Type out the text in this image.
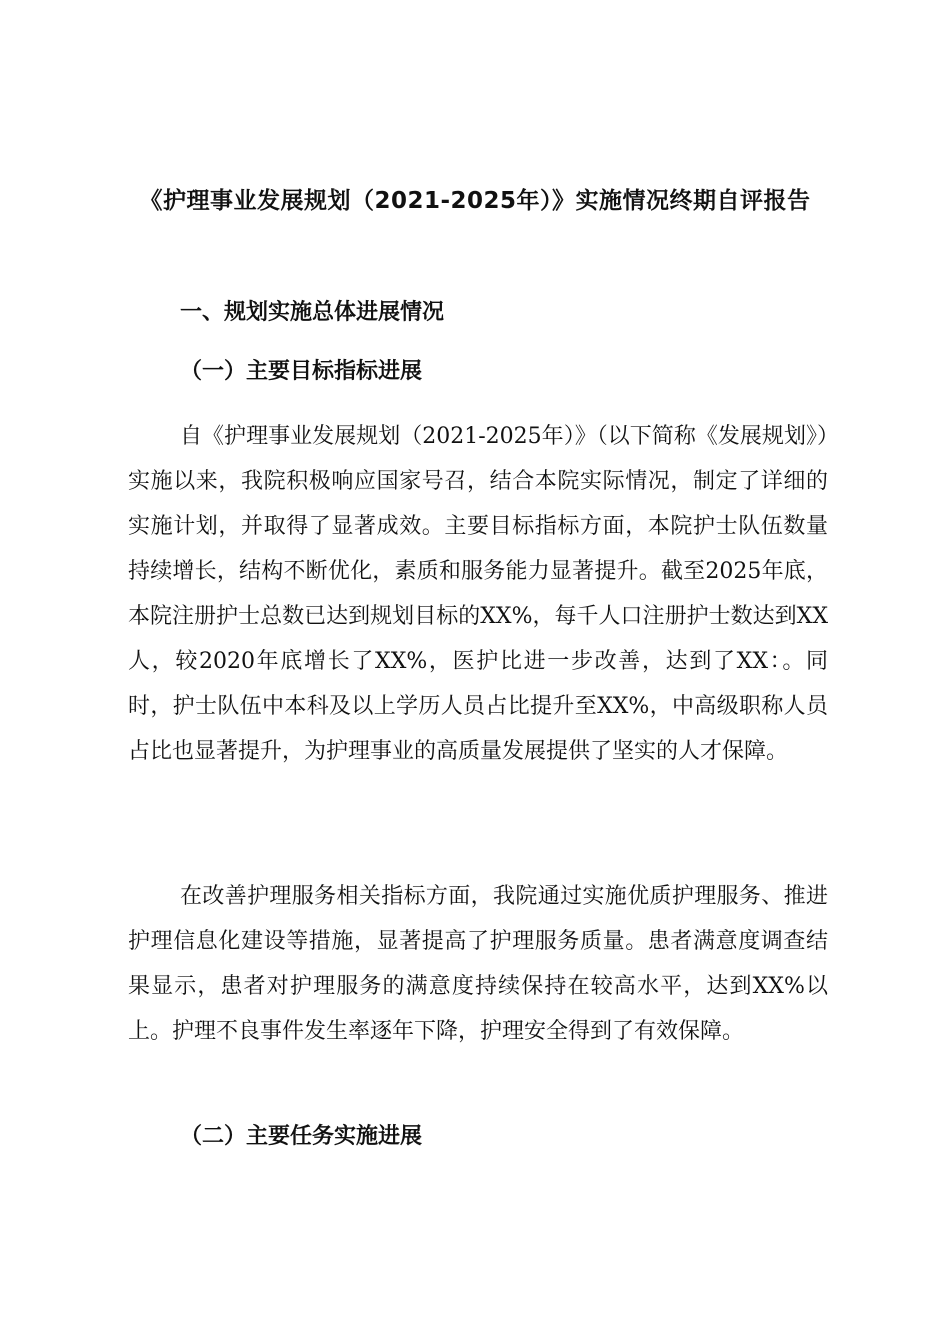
《护理事业发展规划（2021-2025年）》实施情况终期自评报告
一、规划实施总体进展情况
（一）主要目标指标进展

自《护理事业发展规划（2021-2025年）》（以下简称《发展规划》）实施以来，我院积极响应国家号召，结合本院实际情况，制定了详细的实施计划，并取得了显著成效。主要目标指标方面，本院护士队伍数量持续增长，结构不断优化，素质和服务能力显著提升。截至2025年底，本院注册护士总数已达到规划目标的XX%，每千人口注册护士数达到XX人，较2020年底增长了XX%，医护比进一步改善，达到了XX：。同时，护士队伍中本科及以上学历人员占比提升至XX%，中高级职称人员占比也显著提升，为护理事业的高质量发展提供了坚实的人才保障。

在改善护理服务相关指标方面，我院通过实施优质护理服务、推进护理信息化建设等措施，显著提高了护理服务质量。患者满意度调查结果显示，患者对护理服务的满意度持续保持在较高水平，达到XX%以上。护理不良事件发生率逐年下降，护理安全得到了有效保障。

（二）主要任务实施进展
